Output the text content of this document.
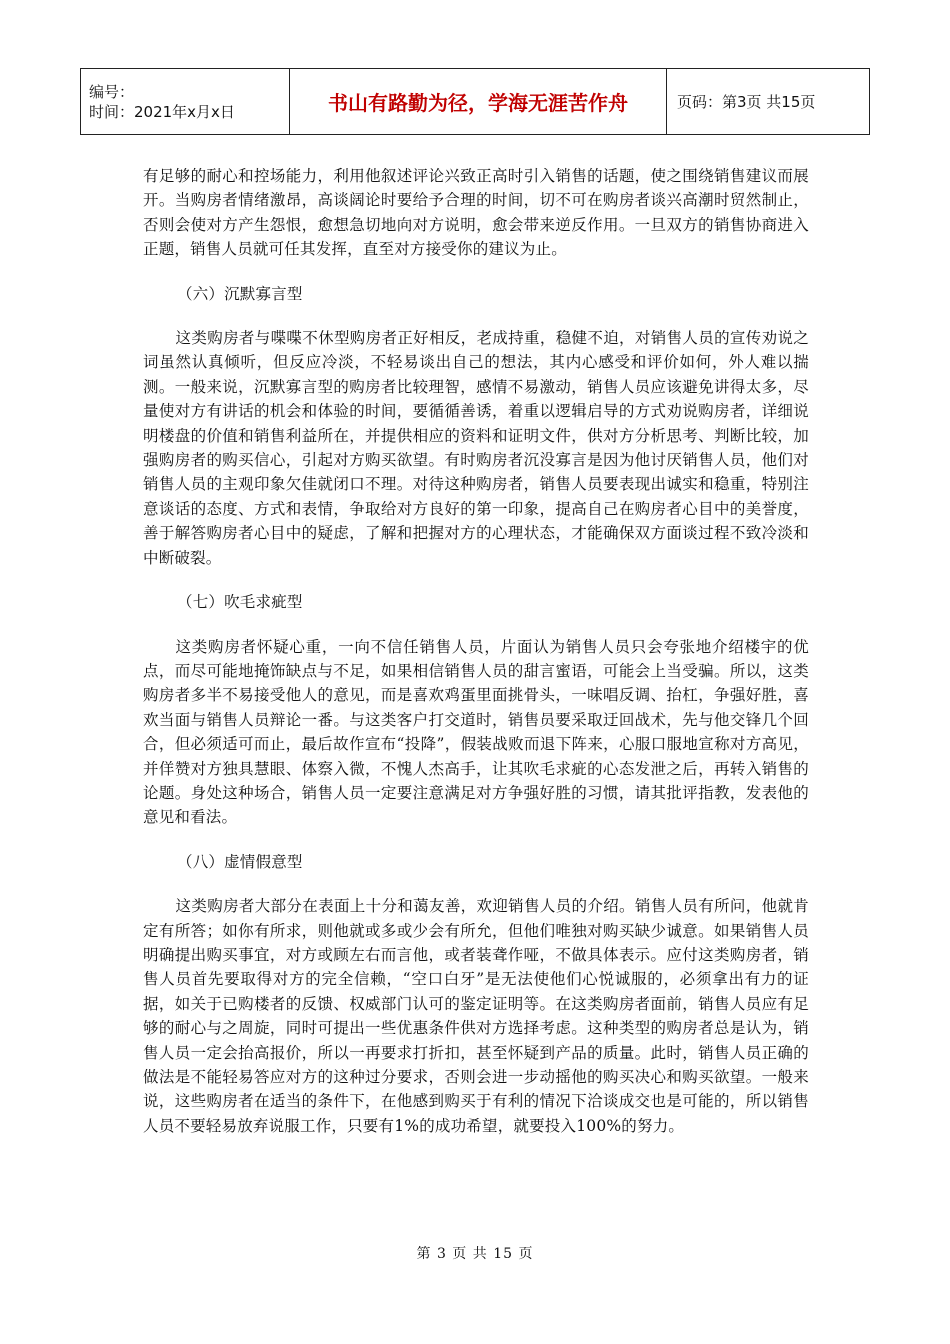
编号：
时间：2021年x月x日	书山有路勤为径，学海无涯苦作舟	页码：第3页 共15页

有足够的耐心和控场能力，利用他叙述评论兴致正高时引入销售的话题，使之围绕销售建议而展开。当购房者情绪激昂，高谈阔论时要给予合理的时间，切不可在购房者谈兴高潮时贸然制止，否则会使对方产生怨恨，愈想急切地向对方说明，愈会带来逆反作用。一旦双方的销售协商进入正题，销售人员就可任其发挥，直至对方接受你的建议为止。

（六）沉默寡言型

这类购房者与喋喋不休型购房者正好相反，老成持重，稳健不迫，对销售人员的宣传劝说之词虽然认真倾听，但反应冷淡，不轻易谈出自己的想法，其内心感受和评价如何，外人难以揣测。一般来说，沉默寡言型的购房者比较理智，感情不易激动，销售人员应该避免讲得太多，尽量使对方有讲话的机会和体验的时间，要循循善诱，着重以逻辑启导的方式劝说购房者，详细说明楼盘的价值和销售利益所在，并提供相应的资料和证明文件，供对方分析思考、判断比较，加强购房者的购买信心，引起对方购买欲望。有时购房者沉没寡言是因为他讨厌销售人员，他们对销售人员的主观印象欠佳就闭口不理。对待这种购房者，销售人员要表现出诚实和稳重，特别注意谈话的态度、方式和表情，争取给对方良好的第一印象，提高自己在购房者心目中的美誉度，善于解答购房者心目中的疑虑，了解和把握对方的心理状态，才能确保双方面谈过程不致冷淡和中断破裂。

（七）吹毛求疵型

这类购房者怀疑心重，一向不信任销售人员，片面认为销售人员只会夸张地介绍楼宇的优点，而尽可能地掩饰缺点与不足，如果相信销售人员的甜言蜜语，可能会上当受骗。所以，这类购房者多半不易接受他人的意见，而是喜欢鸡蛋里面挑骨头，一味唱反调、抬杠，争强好胜，喜欢当面与销售人员辩论一番。与这类客户打交道时，销售员要采取迂回战术，先与他交锋几个回合，但必须适可而止，最后故作宣布“投降”，假装战败而退下阵来，心服口服地宣称对方高见，并佯赞对方独具慧眼、体察入微，不愧人杰高手，让其吹毛求疵的心态发泄之后，再转入销售的论题。身处这种场合，销售人员一定要注意满足对方争强好胜的习惯，请其批评指教，发表他的意见和看法。

（八）虚情假意型

这类购房者大部分在表面上十分和蔼友善，欢迎销售人员的介绍。销售人员有所问，他就肯定有所答；如你有所求，则他就或多或少会有所允，但他们唯独对购买缺少诚意。如果销售人员明确提出购买事宜，对方或顾左右而言他，或者装聋作哑，不做具体表示。应付这类购房者，销售人员首先要取得对方的完全信赖，“空口白牙”是无法使他们心悦诚服的，必须拿出有力的证据，如关于已购楼者的反馈、权威部门认可的鉴定证明等。在这类购房者面前，销售人员应有足够的耐心与之周旋，同时可提出一些优惠条件供对方选择考虑。这种类型的购房者总是认为，销售人员一定会抬高报价，所以一再要求打折扣，甚至怀疑到产品的质量。此时，销售人员正确的做法是不能轻易答应对方的这种过分要求，否则会进一步动摇他的购买决心和购买欲望。一般来说，这些购房者在适当的条件下，在他感到购买于有利的情况下洽谈成交也是可能的，所以销售人员不要轻易放弃说服工作，只要有1%的成功希望，就要投入100%的努力。

第 3 页 共 15 页
